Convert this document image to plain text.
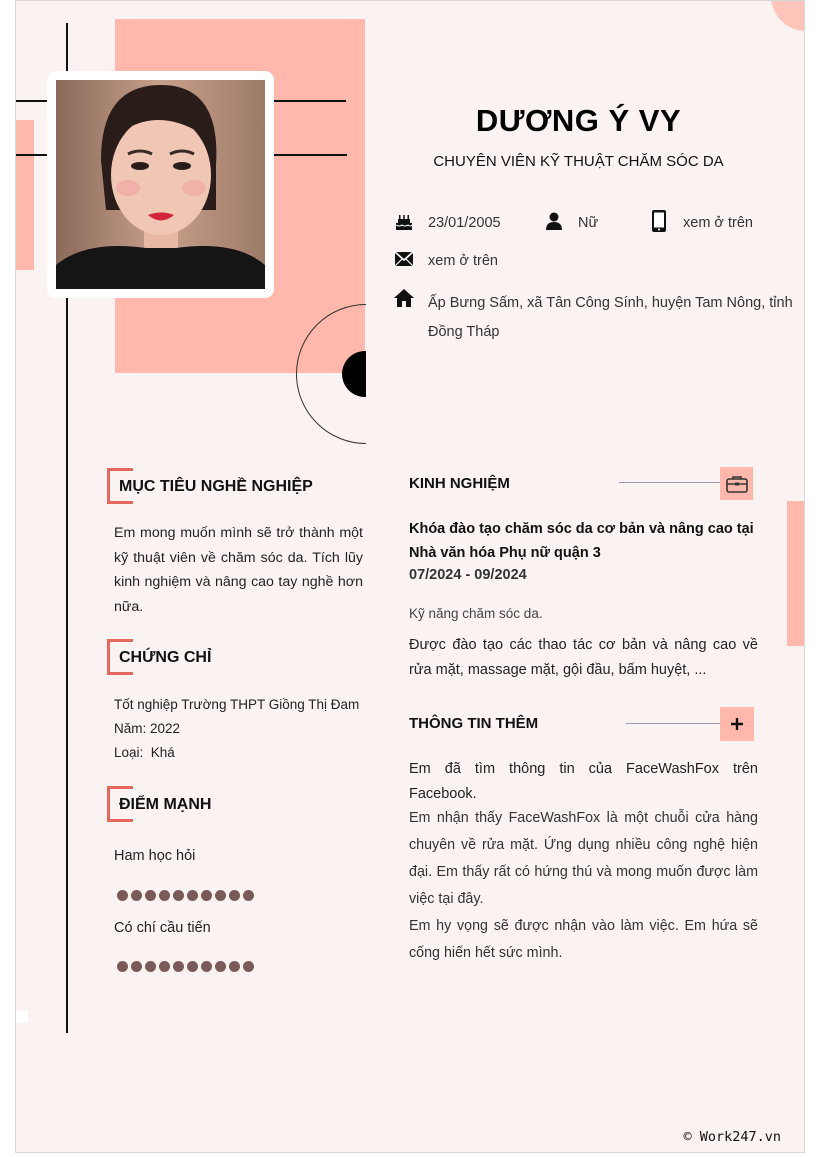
DƯƠNG Ý VY
CHUYÊN VIÊN KỸ THUẬT CHĂM SÓC DA
23/01/2005	Nữ	xem ở trên
xem ở trên
Ấp Bưng Sấm, xã Tân Công Sính, huyện Tam Nông, tỉnh Đồng Tháp
MỤC TIÊU NGHỀ NGHIỆP
Em mong muốn mình sẽ trở thành một kỹ thuật viên về chăm sóc da. Tích lũy kinh nghiệm và nâng cao tay nghề hơn nữa.
CHỨNG CHỈ
Tốt nghiệp Trường THPT Giồng Thị Đam
Năm: 2022
Loại:  Khá
ĐIỂM MẠNH
Ham học hỏi
Có chí cầu tiến
KINH NGHIỆM
Khóa đào tạo chăm sóc da cơ bản và nâng cao tại Nhà văn hóa Phụ nữ quận 3
07/2024 - 09/2024
Kỹ năng chăm sóc da.
Được đào tạo các thao tác cơ bản và nâng cao về rửa mặt, massage mặt, gội đầu, bấm huyệt, ...
THÔNG TIN THÊM
Em đã tìm thông tin của FaceWashFox trên Facebook.
Em nhận thấy FaceWashFox là một chuỗi cửa hàng chuyên về rửa mặt. Ứng dụng nhiều công nghệ hiện đại. Em thấy rất có hứng thú và mong muốn được làm việc tại đây.
Em hy vọng sẽ được nhận vào làm việc. Em hứa sẽ cống hiến hết sức mình.
© Work247.vn
